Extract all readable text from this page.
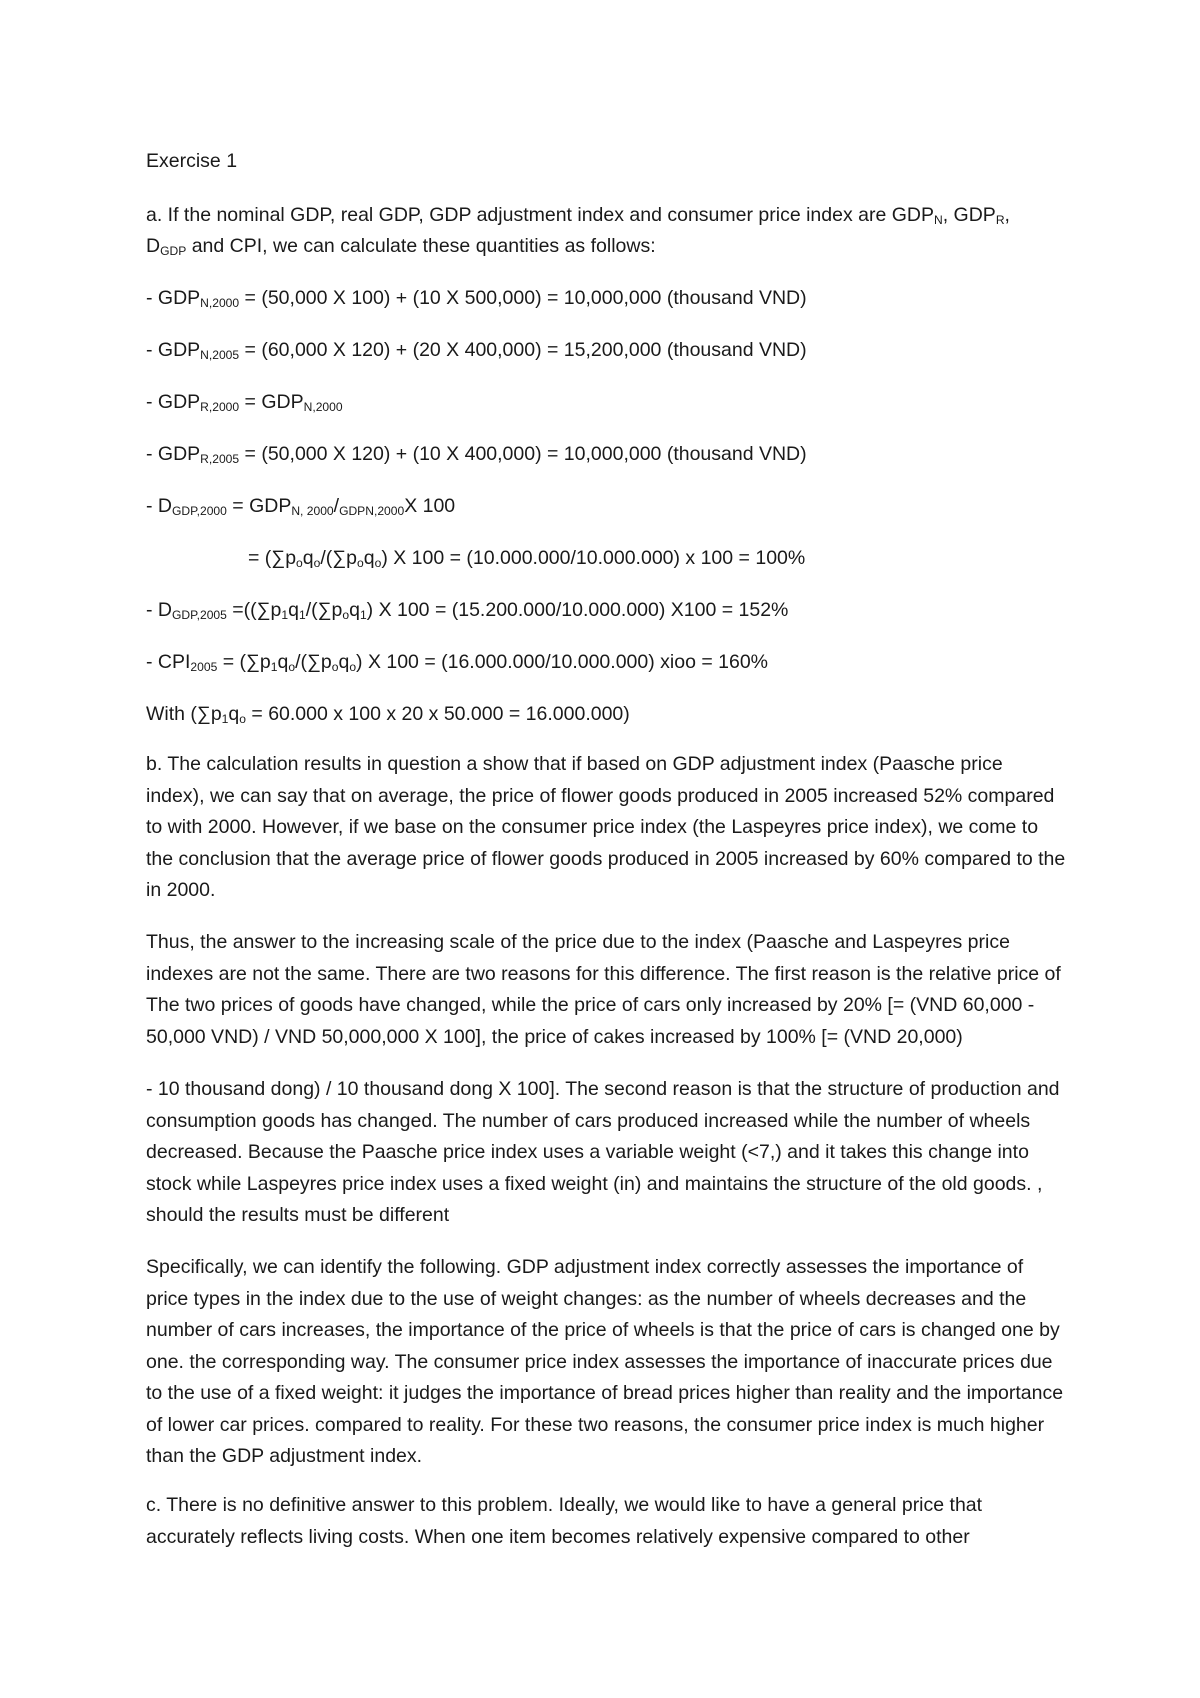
Exercise 1
a. If the nominal GDP, real GDP, GDP adjustment index and consumer price index are $GDP_N$, $GDP_R$,
$D_{GDP}$ and CPI, we can calculate these quantities as follows:
- $GDP_{N,2000} = (50,000$ X 100) + (10 X 500,000) = 10,000,000 (thousand VND)
- $GDP_{N,2005} = (60,000$ X 120) + (20 X 400,000) = 15,200,000 (thousand VND)
- $GDP_{R,2000} = GDP_{N,2000}$
- $GDP_{R,2005} = (50,000$ X 120) + (10 X 400,000) = 10,000,000 (thousand VND)
- $D_{GDP,2000} = GDP_{N, 2000}/_{GDPN,2000}X$ 100
= ($\sum p_oq_o/(\sum p_oq_o)$ X 100 = (10.000.000/10.000.000) x 100 = 100%
- $D_{GDP,2005} =((\sum p_1q_1/(\sum p_oq_1)$ X 100 = (15.200.000/10.000.000) X100 = 152%
- $CPI_{2005} = (\sum p_1q_o/(\sum p_oq_o)$ X 100 = (16.000.000/10.000.000) xioo = 160%
With ($\sum p_1q_o = 60.000$ x 100 x 20 x 50.000 = 16.000.000)
b. The calculation results in question a show that if based on GDP adjustment index (Paasche price index), we can say that on average, the price of flower goods produced in 2005 increased 52% compared to with 2000. However, if we base on the consumer price index (the Laspeyres price index), we come to the conclusion that the average price of flower goods produced in 2005 increased by 60% compared to the in 2000.
Thus, the answer to the increasing scale of the price due to the index (Paasche and Laspeyres price indexes are not the same. There are two reasons for this difference. The first reason is the relative price of The two prices of goods have changed, while the price of cars only increased by 20% [= (VND 60,000 - 50,000 VND) / VND 50,000,000 X 100], the price of cakes increased by 100% [= (VND 20,000)
- 10 thousand dong) / 10 thousand dong X 100]. The second reason is that the structure of production and consumption goods has changed. The number of cars produced increased while the number of wheels decreased. Because the Paasche price index uses a variable weight (<7,) and it takes this change into stock while Laspeyres price index uses a fixed weight (in) and maintains the structure of the old goods. , should the results must be different
Specifically, we can identify the following. GDP adjustment index correctly assesses the importance of price types in the index due to the use of weight changes: as the number of wheels decreases and the number of cars increases, the importance of the price of wheels is that the price of cars is changed one by one. the corresponding way. The consumer price index assesses the importance of inaccurate prices due to the use of a fixed weight: it judges the importance of bread prices higher than reality and the importance of lower car prices. compared to reality. For these two reasons, the consumer price index is much higher than the GDP adjustment index.
c. There is no definitive answer to this problem. Ideally, we would like to have a general price that accurately reflects living costs. When one item becomes relatively expensive compared to other
